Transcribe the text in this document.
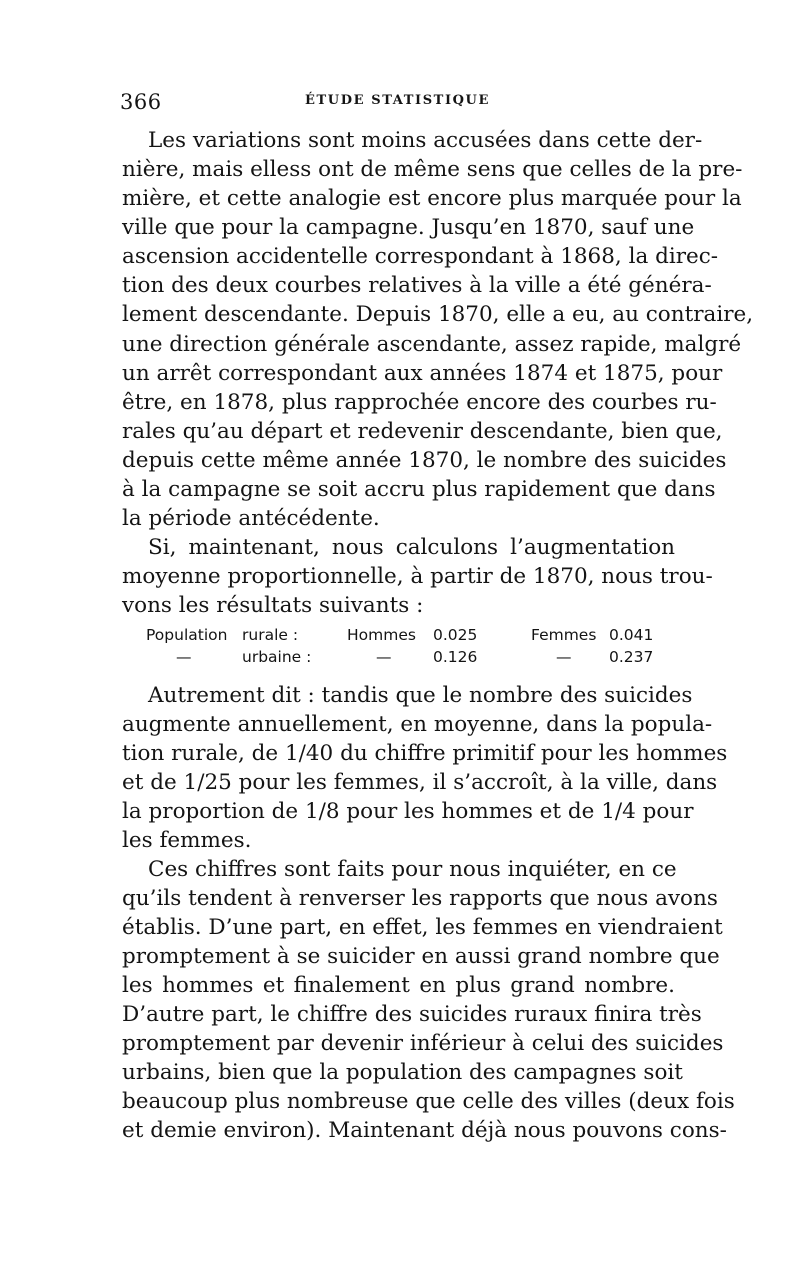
366	ÉTUDE STATISTIQUE
Les variations sont moins accusées dans cette der-
nière, mais elless ont de même sens que celles de la pre-
mière, et cette analogie est encore plus marquée pour la
ville que pour la campagne. Jusqu’en 1870, sauf une
ascension accidentelle correspondant à 1868, la direc-
tion des deux courbes relatives à la ville a été généra-
lement descendante. Depuis 1870, elle a eu, au contraire,
une direction générale ascendante, assez rapide, malgré
un arrêt correspondant aux années 1874 et 1875, pour
être, en 1878, plus rapprochée encore des courbes ru-
rales qu’au départ et redevenir descendante, bien que,
depuis cette même année 1870, le nombre des suicides
à la campagne se soit accru plus rapidement que dans
la période antécédente.
Si, maintenant, nous calculons l’augmentation
moyenne proportionnelle, à partir de 1870, nous trou-
vons les résultats suivants :
Population rurale :	Hommes 0.025	Femmes 0.041
—	urbaine :	—	0.126	— 0.237
Autrement dit : tandis que le nombre des suicides
augmente annuellement, en moyenne, dans la popula-
tion rurale, de 1/40 du chiffre primitif pour les hommes
et de 1/25 pour les femmes, il s’accroît, à la ville, dans
la proportion de 1/8 pour les hommes et de 1/4 pour
les femmes.
Ces chiffres sont faits pour nous inquiéter, en ce
qu’ils tendent à renverser les rapports que nous avons
établis. D’une part, en effet, les femmes en viendraient
promptement à se suicider en aussi grand nombre que
les hommes et finalement en plus grand nombre.
D’autre part, le chiffre des suicides ruraux finira très
promptement par devenir inférieur à celui des suicides
urbains, bien que la population des campagnes soit
beaucoup plus nombreuse que celle des villes (deux fois
et demie environ). Maintenant déjà nous pouvons cons-
